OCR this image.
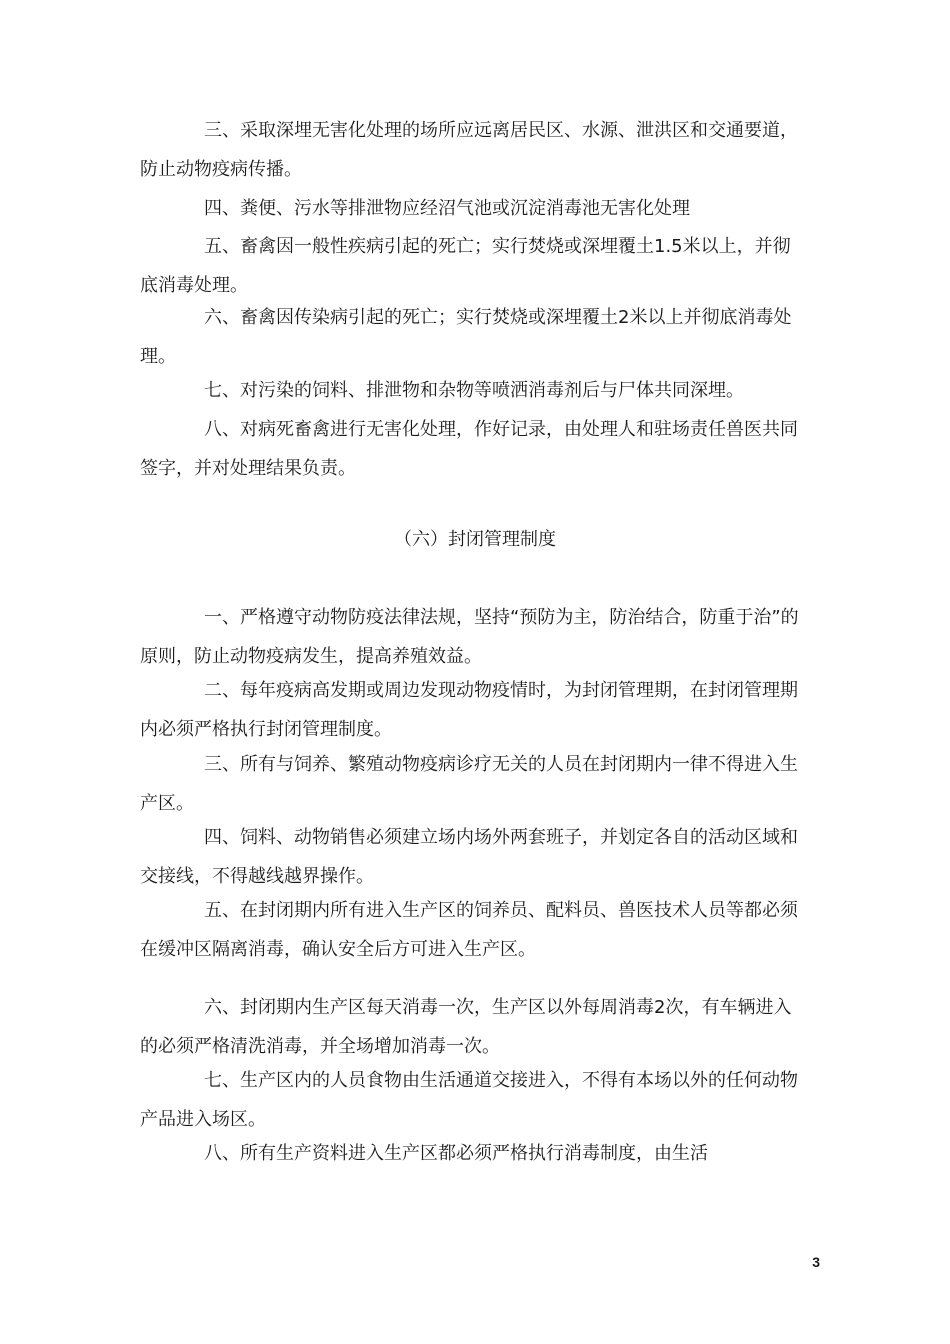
三、采取深埋无害化处理的场所应远离居民区、水源、泄洪区和交通要道，防止动物疫病传播。

四、粪便、污水等排泄物应经沼气池或沉淀消毒池无害化处理

五、畜禽因一般性疾病引起的死亡；实行焚烧或深埋覆土1.5米以上，并彻底消毒处理。

六、畜禽因传染病引起的死亡；实行焚烧或深埋覆土2米以上并彻底消毒处理。

七、对污染的饲料、排泄物和杂物等喷洒消毒剂后与尸体共同深埋。

八、对病死畜禽进行无害化处理，作好记录，由处理人和驻场责任兽医共同签字，并对处理结果负责。

（六）封闭管理制度

一、严格遵守动物防疫法律法规，坚持“预防为主，防治结合，防重于治”的原则，防止动物疫病发生，提高养殖效益。

二、每年疫病高发期或周边发现动物疫情时，为封闭管理期，在封闭管理期内必须严格执行封闭管理制度。

三、所有与饲养、繁殖动物疫病诊疗无关的人员在封闭期内一律不得进入生产区。

四、饲料、动物销售必须建立场内场外两套班子，并划定各自的活动区域和交接线，不得越线越界操作。

五、在封闭期内所有进入生产区的饲养员、配料员、兽医技术人员等都必须在缓冲区隔离消毒，确认安全后方可进入生产区。

六、封闭期内生产区每天消毒一次，生产区以外每周消毒2次，有车辆进入的必须严格清洗消毒，并全场增加消毒一次。

七、生产区内的人员食物由生活通道交接进入，不得有本场以外的任何动物产品进入场区。

八、所有生产资料进入生产区都必须严格执行消毒制度，由生活

3
